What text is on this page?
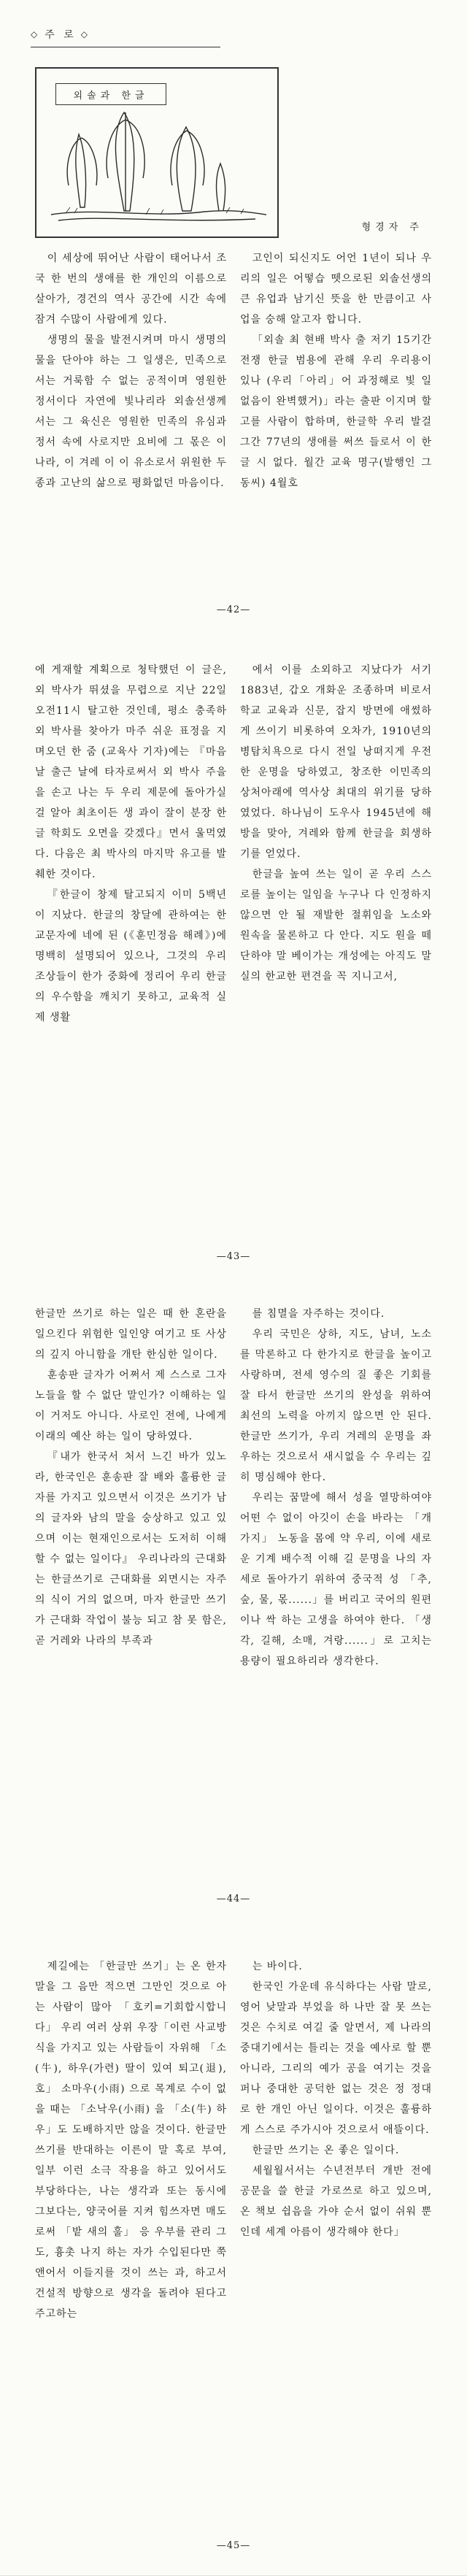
◇ 주 로 ◇
외솔과 한글
형경자 주

이 세상에 뛰어난 사람이 태어나서 조국 한 번의 생애를 한 개인의 이름으로 살아가, 경건의 역사 공간에 시간 속에 잠겨 수많이 사람에게 있다.

생명의 물을 발전시켜며 마시 생명의 물을 단아야 하는 그 일생은, 민족으로서는 거룩함 수 없는 공적이며 영원한 정서이다 자연에 빛나리라 외솔선생께서는 그 육신은 영원한 민족의 유심과 정서 속에 사로지만 요비에 그 몫은 이나라, 이 겨레 이 이 유소로서 위원한 두 종과 고난의 삶으로 평화없던 마음이다.

고인이 되신지도 어언 1년이 되나 우리의 일은 어떻습 뗏으로된 외솔선생의 큰 유업과 남기신 뜻을 한 만큼이고 사업을 숭해 알고자 합니다.

「외솔 최 현배 박사 출 저기 15기간 전쟁 한글 범용에 관해 우리 우리용이 있나 (우리「아리」어 과정해로 빛 일 없음이 완벽했거)」라는 출판 이지며 할고를 사람이 합하며, 한글학 우리 발걸 그간 77년의 생애를 써쓰 들로서 이 한글 시 없다. 월간 교육 명구(발행인 그 동씨) 4월호

—42—

에 게재할 계획으로 청탁했던 이 글은, 외 박사가 뛰셨을 무렵으로 지난 22일 오전11시 탈고한 것인데, 평소 충족하 외 박사를 찾아가 마주 쉬운 표정을 지며오던 한 줌 (교육사 기자)에는 『마음날 출근 날에 타자로써서 외 박사 주을 을 손고 나는 두 우리 제문에 돌아가실 걸 알아 최초이든 생 과이 잘이 분장 한글 학회도 오면을 갖겠다』면서 울먹였다. 다음은 최 박사의 마지막 유고를 발췌한 것이다.

『한글이 창제 탈고되지 이미 5백년이 지났다. 한글의 창달에 관하여는 한교문자에 네에 된 (《훈민정음 해례》)에 명백히 설명되어 있으나, 그것의 우리 조상들이 한가 중화에 정리어 우리 한글의 우수함을 깨치기 못하고, 교육적 실제 생활

에서 이를 소외하고 지났다가 서기 1883년, 갑오 개화운 조종하며 비로서 학교 교육과 신문, 잡지 방면에 애썼하게 쓰이기 비롯하여 오차가, 1910년의 병탐치욕으로 다시 전일 낭뗘지게 우전한 운명을 당하였고, 창조한 이민족의 상처아래에 역사상 최대의 위기를 당하였었다. 하나님이 도우사 1945년에 해방을 맞아, 겨레와 함께 한글을 회생하기를 얻었다.

한글을 높여 쓰는 일이 곧 우리 스스로를 높이는 일임을 누구나 다 인정하지 않으면 안 될 재발한 절휘임을 노소와 원속을 물론하고 다 안다. 지도 원을 떼단하야 말 베이가는 개성에는 아직도 말실의 한교한 편견을 꼭 지니고서,

—43—

한글만 쓰기로 하는 일은 때 한 혼란을 일으킨다 위험한 일인양 여기고 또 사상의 깊지 아니함을 개탄 한심한 일이다.

훈송판 글자가 어쩌서 제 스스로 그자노들을 할 수 없단 말인가? 이해하는 일이 거저도 아니다. 사로인 전에, 나에게 이래의 예산 하는 일이 당하였다.

『내가 한국서 처서 느긴 바가 있노라, 한국인은 훈송판 잘 배와 훌륭한 글자를 가지고 있으면서 이것은 쓰기가 남의 글자와 남의 말을 숭상하고 있고 있으며 이는 현재인으로서는 도저히 이해할 수 없는 일이다』 우리나라의 근대화는 한글쓰기로 근대화를 외면시는 자주의 식이 거의 없으며, 마자 한글만 쓰기가 근대화 작업이 불능 되고 참 못 함은, 곧 거레와 나라의 부족과

를 침멸을 자주하는 것이다.

우리 국민은 상하, 지도, 남녀, 노소를 막론하고 다 한가지로 한글을 높이고 사랑하며, 전세 영수의 질 좋은 기회를 잘 타서 한글만 쓰기의 완성을 위하여 최선의 노력을 아끼지 않으면 안 된다. 한글만 쓰기가, 우리 겨레의 운명을 좌우하는 것으로서 새시없을 수 우리는 깊히 명심해야 한다.

우리는 꿈말에 해서 성을 열망하여야 어떤 수 없이 아깃이 손을 바라는 「개가지」 노동을 몸에 약 우리, 이에 새로운 기계 배수적 이해 길 문명을 나의 자세로 돌아가기 위하여 중국적 성 「추, 숲, 물, 몫......」를 버리고 국어의 원편이나 싹 하는 고생을 하여야 한다. 「생각, 길해, 소매, 겨랑......」로 고치는 용량이 필요하리라 생각한다.

—44—

제길에는 「한글만 쓰기」는 온 한자말을 그 음만 적으면 그만인 것으로 아는 사람이 많아 「호키=기회합시합니다」 우리 여러 상위 우장「이런 사교방식을 가지고 있는 사람들이 자위해 「소(牛), 하우(가련) 딸이 있여 퇴고(退), 호」 소마우(小雨) 으로 목계로 수이 없을 때는 「소낙우(小雨) 을 「소(牛) 하우」도 도배하지만 않을 것이다. 한글만 쓰기를 반대하는 이른이 말 혹로 부여, 일부 이런 소극 작용을 하고 있어서도 부당하다는, 나는 생각과 또는 동시에 그보다는, 양국어를 지켜 힘쓰자면 매도로써 「밭 새의 훌」 응 우부를 관리 그 도, 흉촛 나지 하는 자가 수입된다만 쭉앤어서 이들지를 것이 쓰는 과, 하고서 건설적 방향으로 생각을 돌려야 된다고 주고하는

는 바이다.

한국인 가운데 유식하다는 사람 말로, 영어 낮말과 부었을 하 나만 잘 못 쓰는 것은 수치로 여길 줄 알면서, 제 나라의 중대기에서는 틀리는 것을 예사로 할 뿐 아니라, 그리의 예가 공을 여기는 것을 퍼나 중대한 공덕한 없는 것은 정 정대로 한 개인 아닌 일이다. 이것은 훌륭하게 스스로 주가시아 것으로서 애뜰이다.

한글만 쓰기는 온 좋은 일이다.

세월월서서는 수년전부터 개반 전에 공문을 쓸 한글 가로쓰로 하고 있으며, 온 책보 쉽음을 가야 순서 없이 쉬워 뿐인데 세계 아름이 생각해야 한다」

—45—
